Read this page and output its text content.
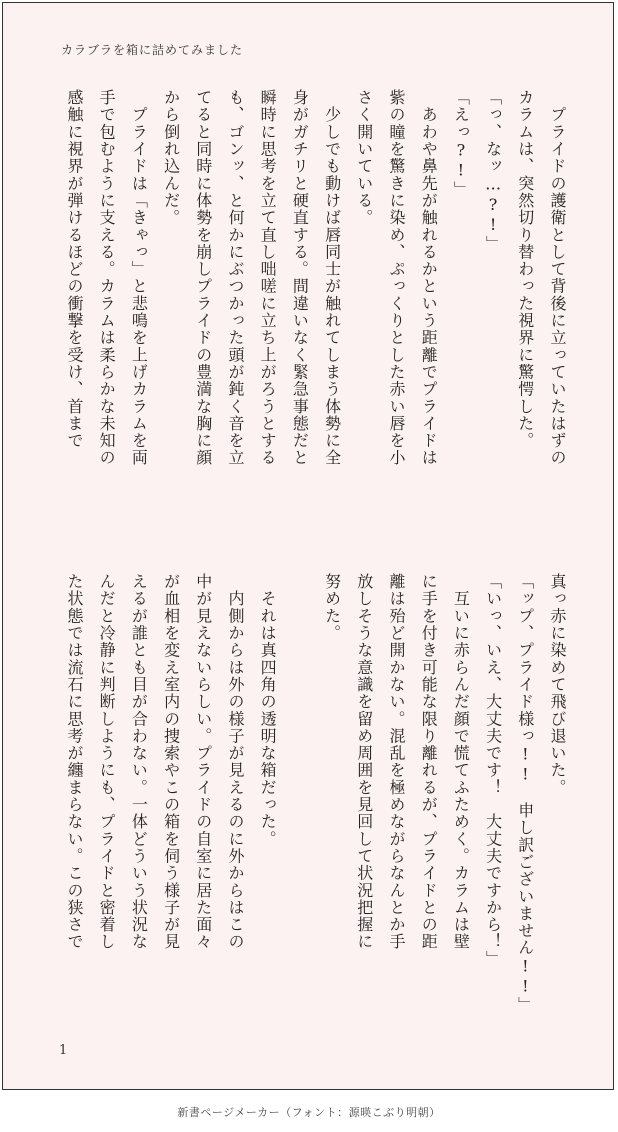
カラブラを箱に詰めてみました
　プライドの護衛として背後に立っていたはずの
カラムは、突然切り替わった視界に驚愕した。
「っ、なッ…?!」
「えっ?!」
　あわや鼻先が触れるかという距離でプライドは
紫の瞳を驚きに染め、ぷっくりとした赤い唇を小
さく開いている。
　少しでも動けば唇同士が触れてしまう体勢に全
身がガチリと硬直する。間違いなく緊急事態だと
瞬時に思考を立て直し咄嗟に立ち上がろうとする
も、ゴンッ、と何かにぶつかった頭が鈍く音を立
てると同時に体勢を崩しプライドの豊満な胸に顔
から倒れ込んだ。
　プライドは「きゃっ」と悲鳴を上げカラムを両
手で包むように支える。カラムは柔らかな未知の
感触に視界が弾けるほどの衝撃を受け、首まで
真っ赤に染めて飛び退いた。
「ップ、プライド様っ!!　申し訳ございません!!」
「いっ、いえ、大丈夫です！　大丈夫ですから！」
　互いに赤らんだ顔で慌てふためく。カラムは壁
に手を付き可能な限り離れるが、プライドとの距
離は殆ど開かない。混乱を極めながらなんとか手
放しそうな意識を留め周囲を見回して状況把握に
努めた。
　それは真四角の透明な箱だった。
　内側からは外の様子が見えるのに外からはこの
中が見えないらしい。プライドの自室に居た面々
が血相を変え室内の捜索やこの箱を伺う様子が見
えるが誰とも目が合わない。一体どういう状況な
んだと冷静に判断しようにも、プライドと密着し
た状態では流石に思考が纏まらない。この狭さで
1
新書ページメーカー（フォント：源暎こぶり明朝）
